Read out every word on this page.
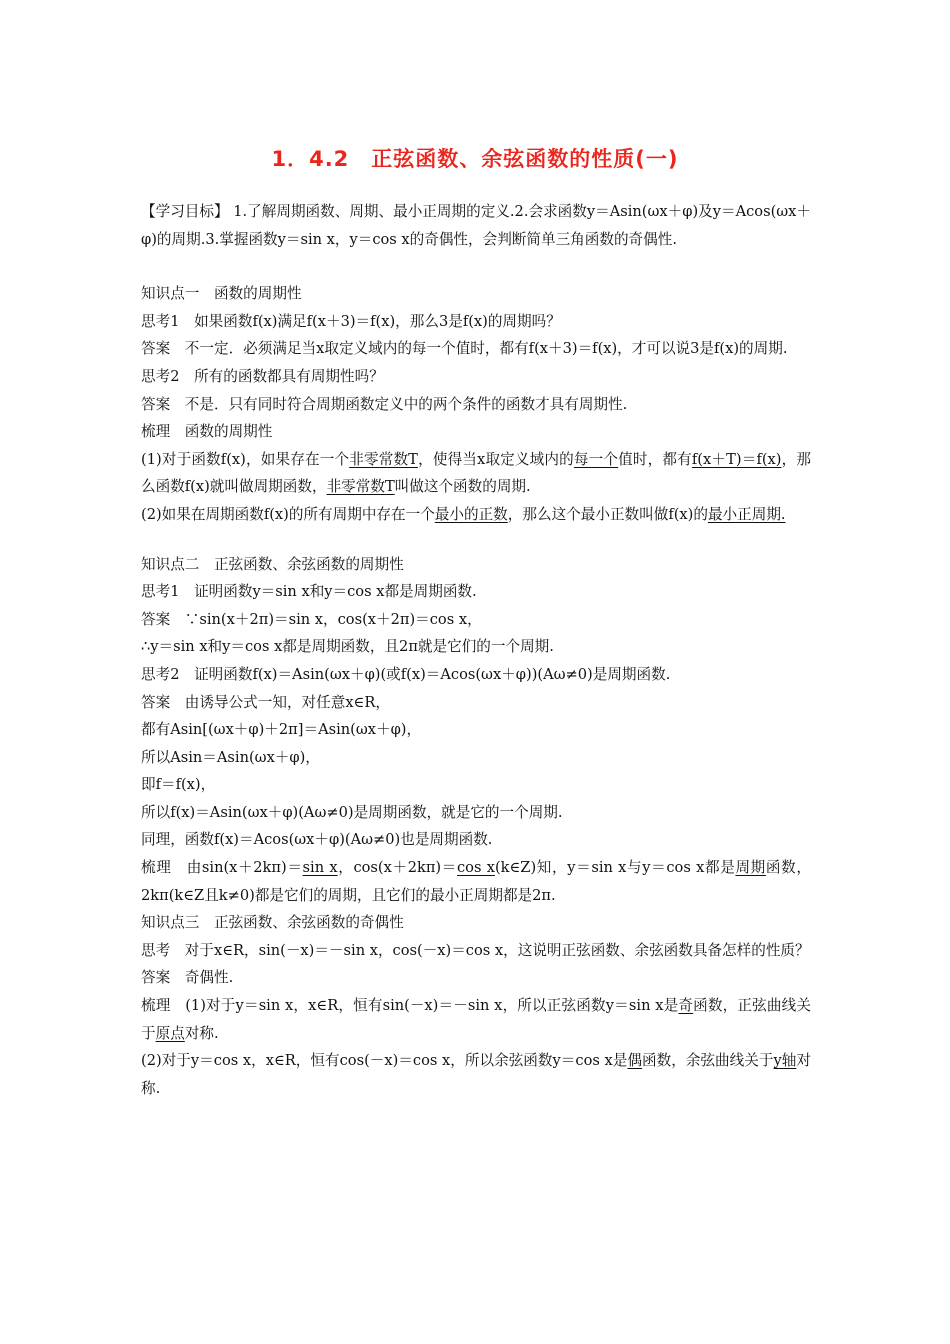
1．4.2　正弦函数、余弦函数的性质(一)

【学习目标】 1.了解周期函数、周期、最小正周期的定义.2.会求函数y＝Asin(ωx＋φ)及y＝Acos(ωx＋φ)的周期.3.掌握函数y＝sin x，y＝cos x的奇偶性，会判断简单三角函数的奇偶性.

知识点一　函数的周期性

思考1　如果函数f(x)满足f(x＋3)＝f(x)，那么3是f(x)的周期吗？

答案　不一定．必须满足当x取定义域内的每一个值时，都有f(x＋3)＝f(x)，才可以说3是f(x)的周期.

思考2　所有的函数都具有周期性吗？

答案　不是．只有同时符合周期函数定义中的两个条件的函数才具有周期性.

梳理　函数的周期性

(1)对于函数f(x)，如果存在一个非零常数T，使得当x取定义域内的每一个值时，都有f(x＋T)＝f(x)，那么函数f(x)就叫做周期函数，非零常数T叫做这个函数的周期.

(2)如果在周期函数f(x)的所有周期中存在一个最小的正数，那么这个最小正数叫做f(x)的最小正周期.

知识点二　正弦函数、余弦函数的周期性

思考1　证明函数y＝sin x和y＝cos x都是周期函数.

答案　∵sin(x＋2π)＝sin x，cos(x＋2π)＝cos x，

∴y＝sin x和y＝cos x都是周期函数，且2π就是它们的一个周期.

思考2　证明函数f(x)＝Asin(ωx＋φ)(或f(x)＝Acos(ωx＋φ))(Aω≠0)是周期函数.

答案　由诱导公式一知，对任意x∈R，

都有Asin[(ωx＋φ)＋2π]＝Asin(ωx＋φ)，

所以Asin＝Asin(ωx＋φ)，

即f＝f(x)，

所以f(x)＝Asin(ωx＋φ)(Aω≠0)是周期函数，就是它的一个周期.

同理，函数f(x)＝Acos(ωx＋φ)(Aω≠0)也是周期函数.

梳理　由sin(x＋2kπ)＝sin x，cos(x＋2kπ)＝cos x(k∈Z)知，y＝sin x与y＝cos x都是周期函数，2kπ(k∈Z且k≠0)都是它们的周期，且它们的最小正周期都是2π.

知识点三　正弦函数、余弦函数的奇偶性

思考　对于x∈R，sin(－x)＝－sin x，cos(－x)＝cos x，这说明正弦函数、余弦函数具备怎样的性质？

答案　奇偶性.

梳理　(1)对于y＝sin x，x∈R，恒有sin(－x)＝－sin x，所以正弦函数y＝sin x是奇函数，正弦曲线关于原点对称.

(2)对于y＝cos x，x∈R，恒有cos(－x)＝cos x，所以余弦函数y＝cos x是偶函数，余弦曲线关于y轴对称.
